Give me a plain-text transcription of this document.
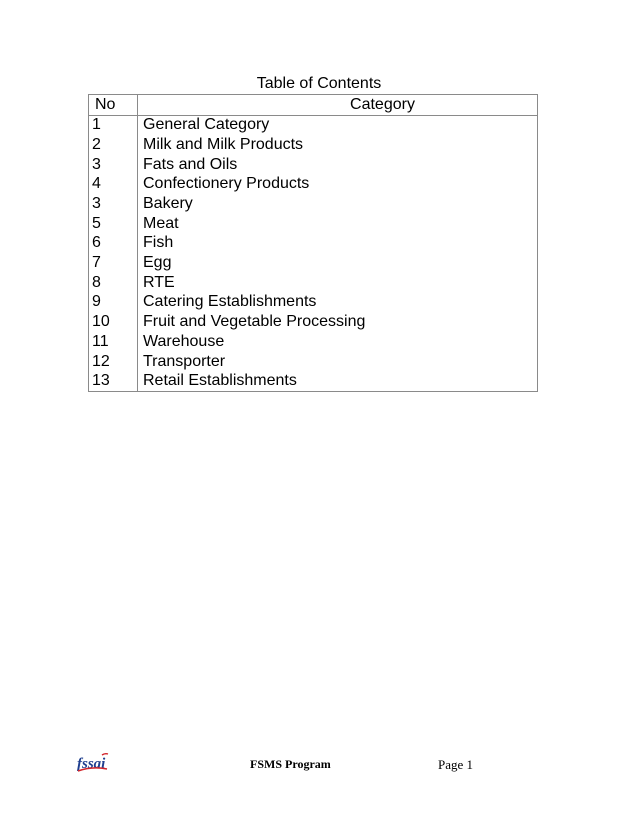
Table of Contents
No	Category
1	General Category
2	Milk and Milk Products
3	Fats and Oils
4	Confectionery Products
3	Bakery
5	Meat
6	Fish
7	Egg
8	RTE
9	Catering Establishments
10	Fruit and Vegetable Processing
11	Warehouse
12	Transporter
13	Retail Establishments
fssai	FSMS Program	Page 1
